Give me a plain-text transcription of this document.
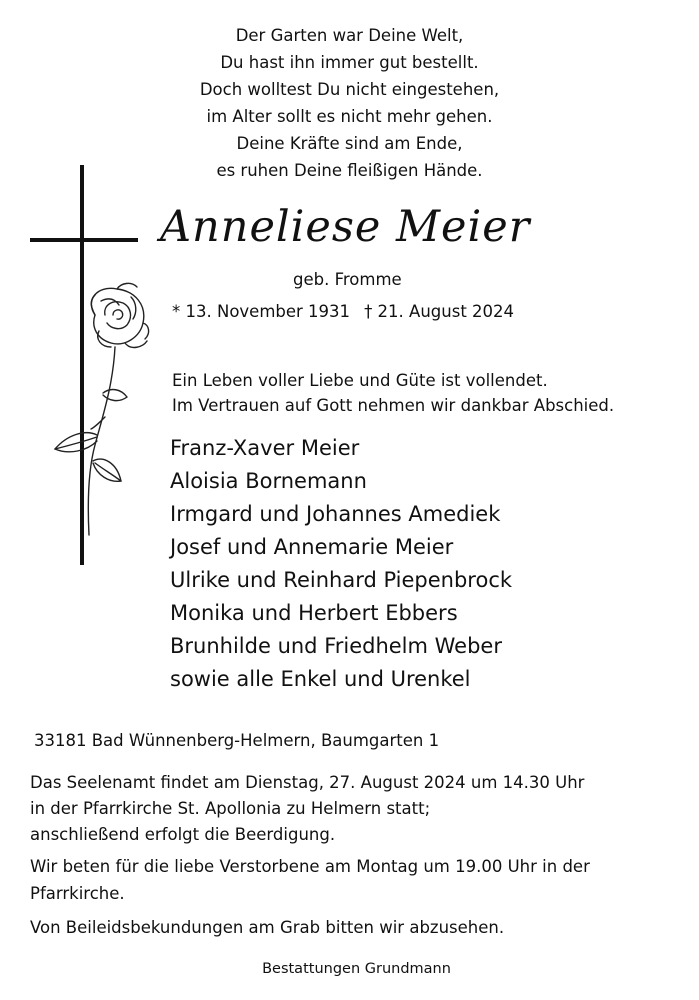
Der Garten war Deine Welt,
Du hast ihn immer gut bestellt.
Doch wolltest Du nicht eingestehen,
im Alter sollt es nicht mehr gehen.
Deine Kräfte sind am Ende,
es ruhen Deine fleißigen Hände.
Anneliese Meier
geb. Fromme
* 13. November 1931 † 21. August 2024
Ein Leben voller Liebe und Güte ist vollendet.
Im Vertrauen auf Gott nehmen wir dankbar Abschied.
Franz-Xaver Meier
Aloisia Bornemann
Irmgard und Johannes Amediek
Josef und Annemarie Meier
Ulrike und Reinhard Piepenbrock
Monika und Herbert Ebbers
Brunhilde und Friedhelm Weber
sowie alle Enkel und Urenkel
33181 Bad Wünnenberg-Helmern, Baumgarten 1
Das Seelenamt findet am Dienstag, 27. August 2024 um 14.30 Uhr
in der Pfarrkirche St. Apollonia zu Helmern statt;
anschließend erfolgt die Beerdigung.
Wir beten für die liebe Verstorbene am Montag um 19.00 Uhr in der
Pfarrkirche.
Von Beileidsbekundungen am Grab bitten wir abzusehen.
Bestattungen Grundmann
